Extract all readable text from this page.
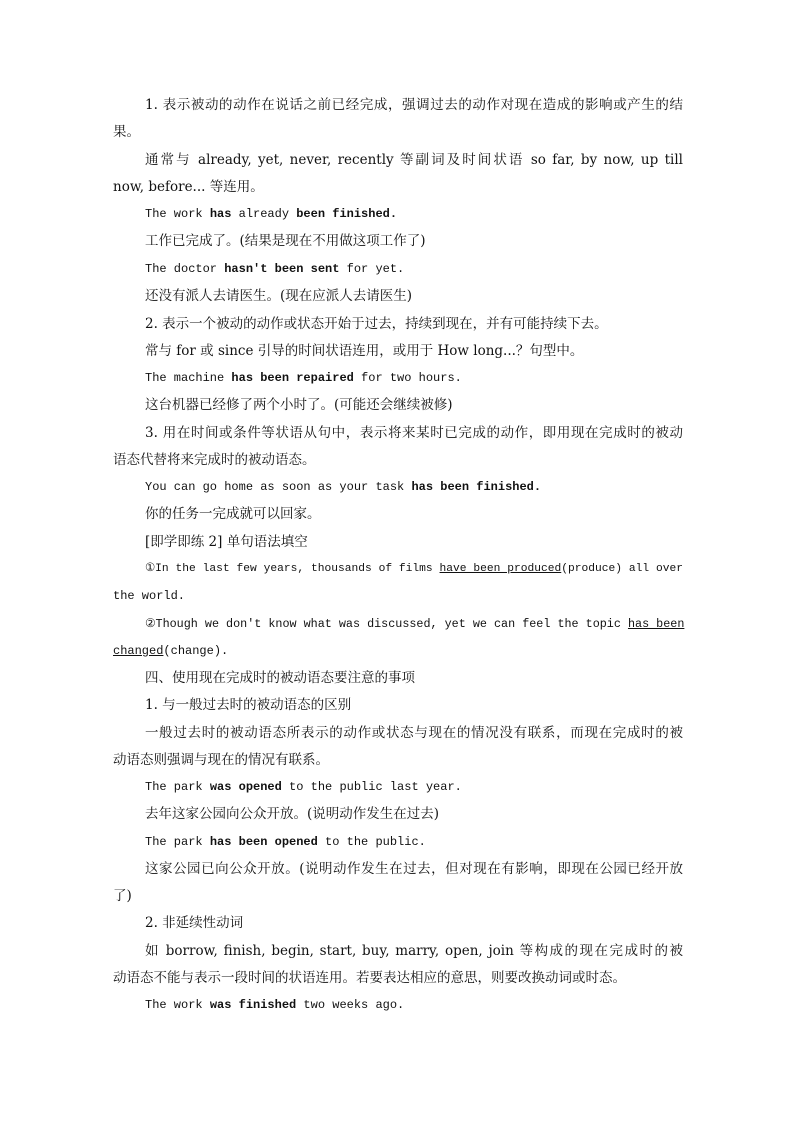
1. 表示被动的动作在说话之前已经完成，强调过去的动作对现在造成的影响或产生的结
果。
通常与 already, yet, never, recently 等副词及时间状语 so far, by now, up till
now, before... 等连用。
The work has already been finished.
工作已完成了。(结果是现在不用做这项工作了)
The doctor hasn't been sent for yet.
还没有派人去请医生。(现在应派人去请医生)
2. 表示一个被动的动作或状态开始于过去，持续到现在，并有可能持续下去。
常与 for 或 since 引导的时间状语连用，或用于 How long...？句型中。
The machine has been repaired for two hours.
这台机器已经修了两个小时了。(可能还会继续被修)
3. 用在时间或条件等状语从句中，表示将来某时已完成的动作，即用现在完成时的被动
语态代替将来完成时的被动语态。
You can go home as soon as your task has been finished.
你的任务一完成就可以回家。
[即学即练 2] 单句语法填空
①In the last few years, thousands of films have been produced(produce) all over
the world.
②Though we don't know what was discussed, yet we can feel the topic has been
changed(change).
四、使用现在完成时的被动语态要注意的事项
1. 与一般过去时的被动语态的区别
一般过去时的被动语态所表示的动作或状态与现在的情况没有联系，而现在完成时的被
动语态则强调与现在的情况有联系。
The park was opened to the public last year.
去年这家公园向公众开放。(说明动作发生在过去)
The park has been opened to the public.
这家公园已向公众开放。(说明动作发生在过去，但对现在有影响，即现在公园已经开放
了)
2. 非延续性动词
如 borrow, finish, begin, start, buy, marry, open, join 等构成的现在完成时的被
动语态不能与表示一段时间的状语连用。若要表达相应的意思，则要改换动词或时态。
The work was finished two weeks ago.
